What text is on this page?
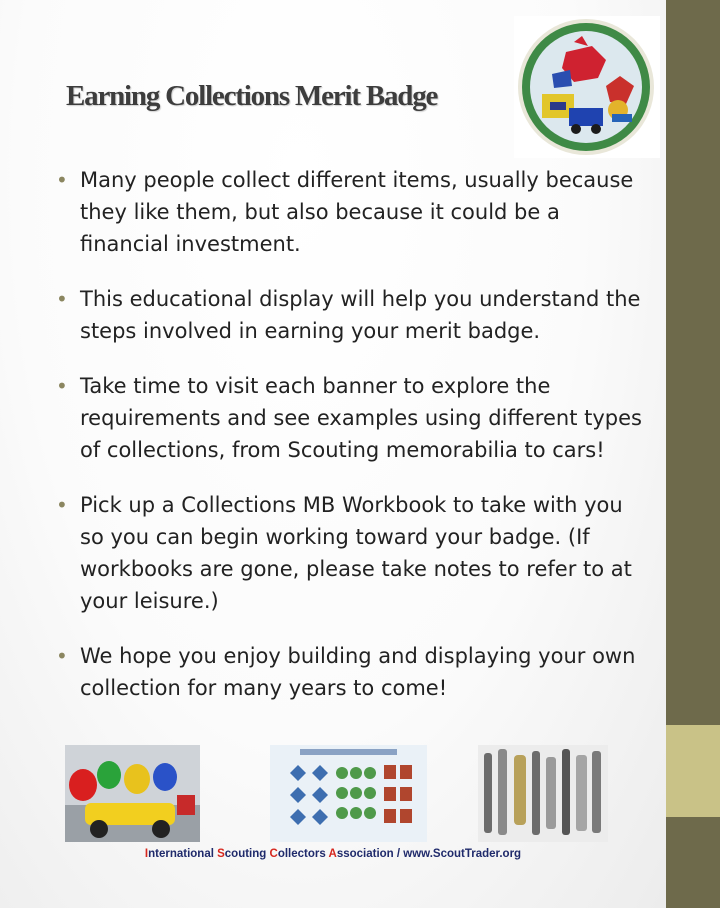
Earning Collections Merit Badge
• Many people collect different items, usually because they like them, but also because it could be a financial investment.
• This educational display will help you understand the steps involved in earning your merit badge.
• Take time to visit each banner to explore the requirements and see examples using different types of collections, from Scouting memorabilia to cars!
• Pick up a Collections MB Workbook to take with you so you can begin working toward your badge. (If workbooks are gone, please take notes to refer to at your leisure.)
• We hope you enjoy building and displaying your own collection for many years to come!
International Scouting Collectors Association / www.ScoutTrader.org
